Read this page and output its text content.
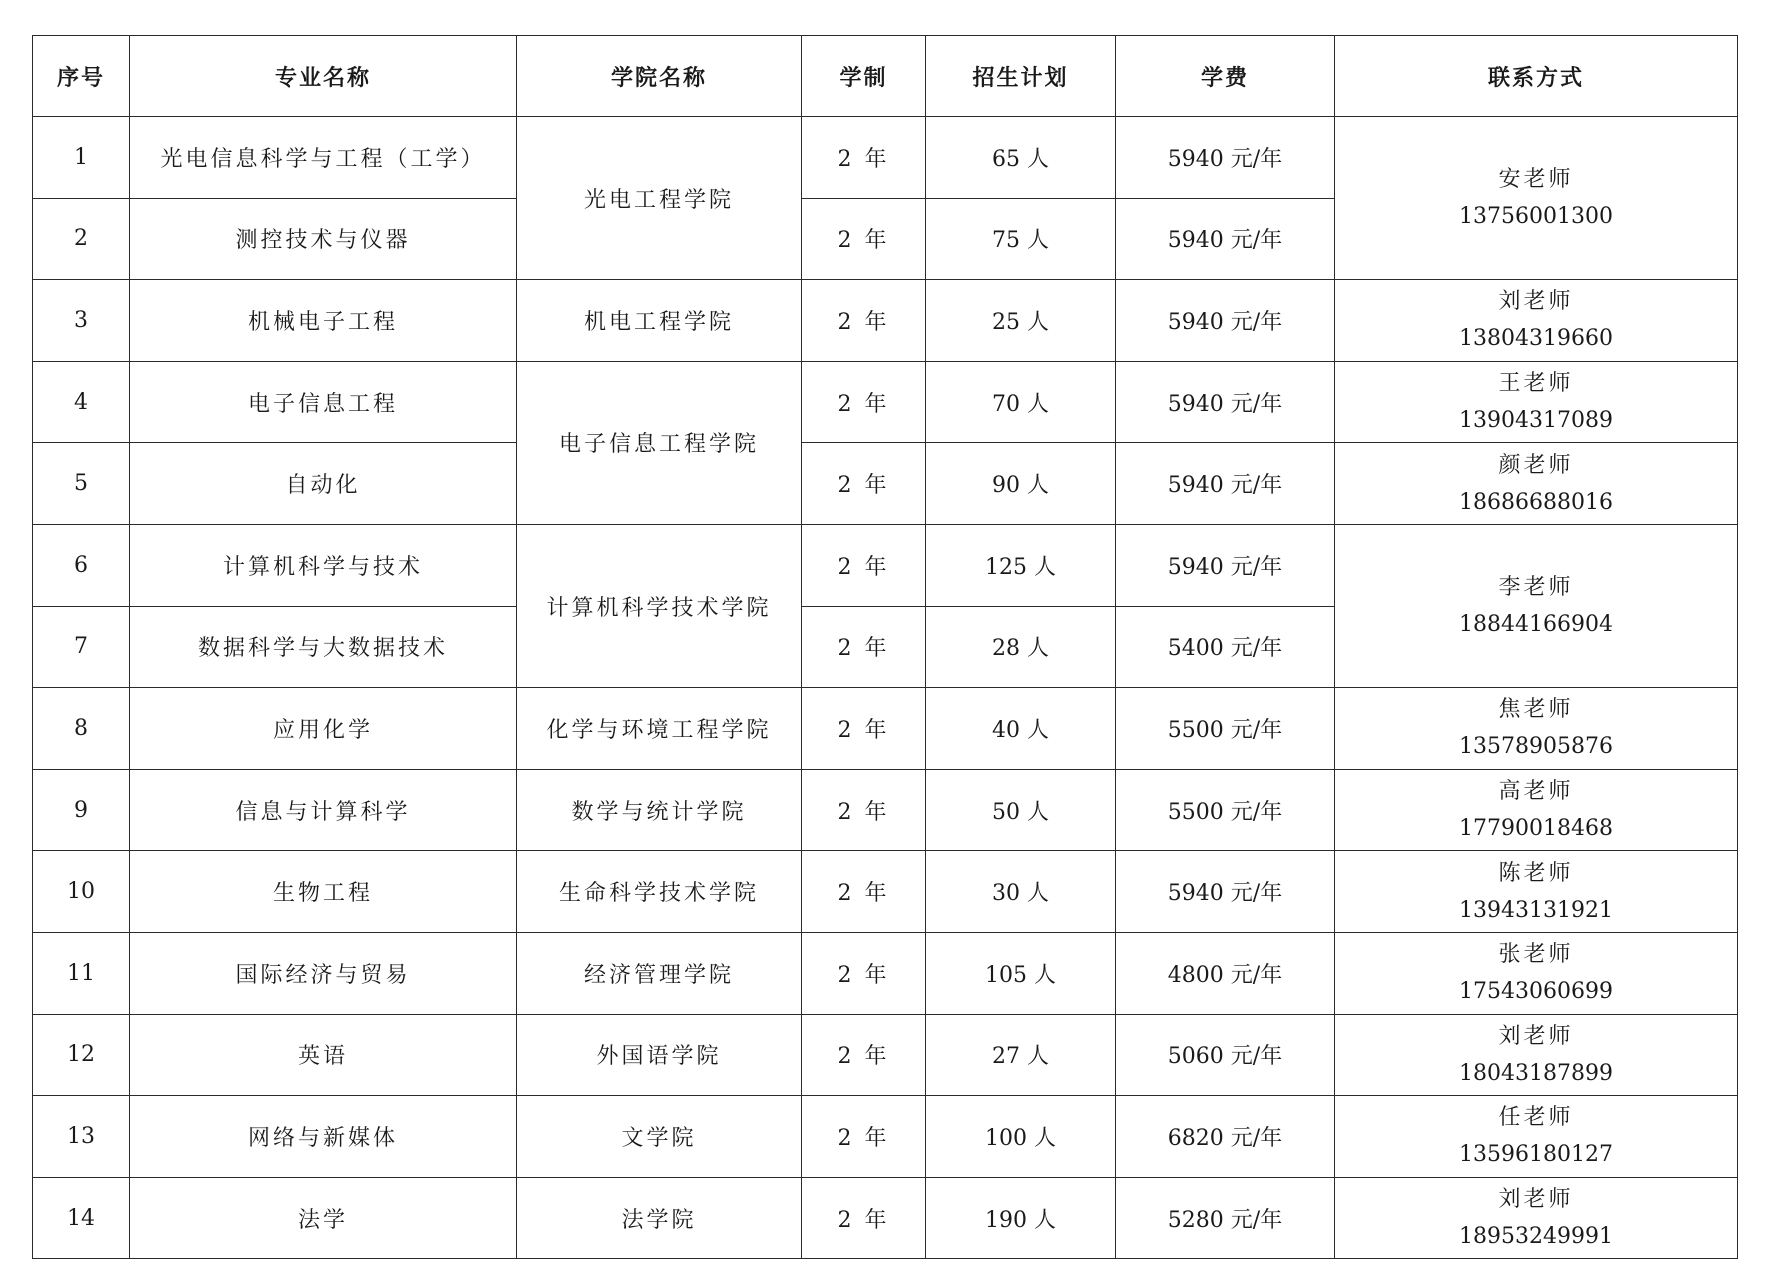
序号	专业名称	学院名称	学制	招生计划	学费	联系方式
1	光电信息科学与工程（工学）	光电工程学院	2 年	65 人	5940 元/年	安老师
13756001300

2	测控技术与仪器		2 年	75 人	5940 元/年	
3	机械电子工程	机电工程学院	2 年	25 人	5940 元/年	刘老师
13804319660

4	电子信息工程	电子信息工程学院	2 年	70 人	5940 元/年	王老师
13904317089

5	自动化		2 年	90 人	5940 元/年	颜老师
18686688016

6	计算机科学与技术	计算机科学技术学院	2 年	125 人	5940 元/年	李老师
18844166904

7	数据科学与大数据技术		2 年	28 人	5400 元/年	
8	应用化学	化学与环境工程学院	2 年	40 人	5500 元/年	焦老师
13578905876

9	信息与计算科学	数学与统计学院	2 年	50 人	5500 元/年	高老师
17790018468

10	生物工程	生命科学技术学院	2 年	30 人	5940 元/年	陈老师
13943131921

11	国际经济与贸易	经济管理学院	2 年	105 人	4800 元/年	张老师
17543060699

12	英语	外国语学院	2 年	27 人	5060 元/年	刘老师
18043187899

13	网络与新媒体	文学院	2 年	100 人	6820 元/年	任老师
13596180127

14	法学	法学院	2 年	190 人	5280 元/年	刘老师
18953249991
